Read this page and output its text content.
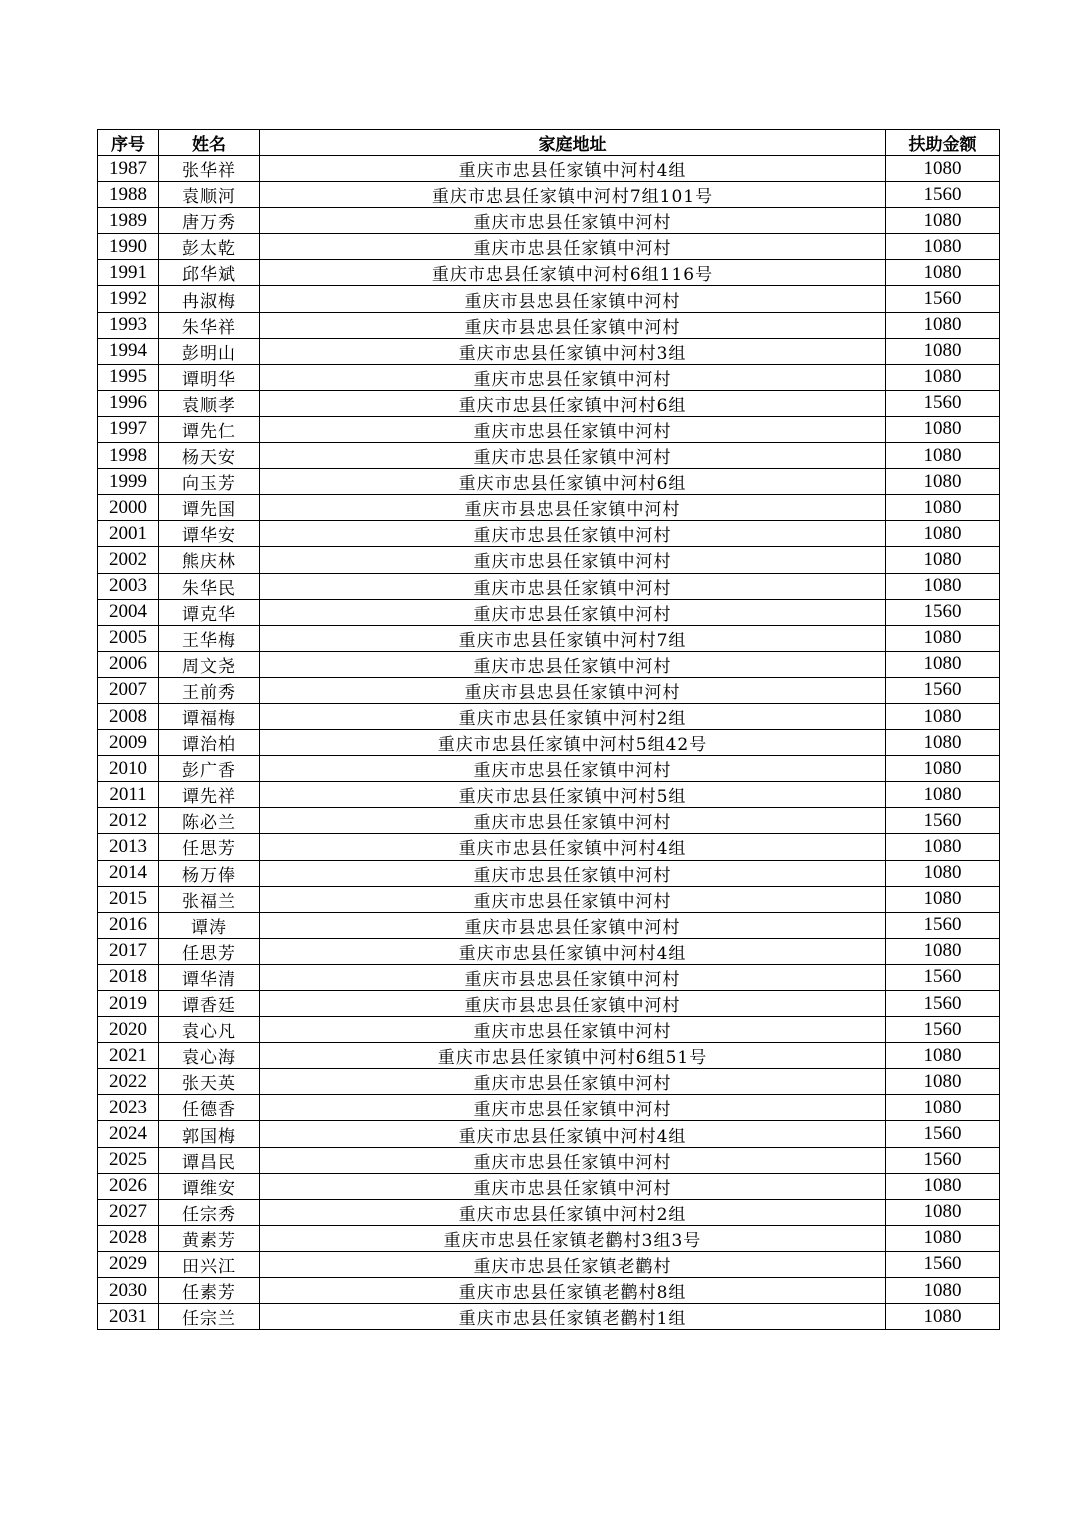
序号	姓名	家庭地址	扶助金额
1987	张华祥	重庆市忠县任家镇中河村4组	1080
1988	袁顺河	重庆市忠县任家镇中河村7组101号	1560
1989	唐万秀	重庆市忠县任家镇中河村	1080
1990	彭太乾	重庆市忠县任家镇中河村	1080
1991	邱华斌	重庆市忠县任家镇中河村6组116号	1080
1992	冉淑梅	重庆市县忠县任家镇中河村	1560
1993	朱华祥	重庆市县忠县任家镇中河村	1080
1994	彭明山	重庆市忠县任家镇中河村3组	1080
1995	谭明华	重庆市忠县任家镇中河村	1080
1996	袁顺孝	重庆市忠县任家镇中河村6组	1560
1997	谭先仁	重庆市忠县任家镇中河村	1080
1998	杨天安	重庆市忠县任家镇中河村	1080
1999	向玉芳	重庆市忠县任家镇中河村6组	1080
2000	谭先国	重庆市县忠县任家镇中河村	1080
2001	谭华安	重庆市忠县任家镇中河村	1080
2002	熊庆林	重庆市忠县任家镇中河村	1080
2003	朱华民	重庆市忠县任家镇中河村	1080
2004	谭克华	重庆市忠县任家镇中河村	1560
2005	王华梅	重庆市忠县任家镇中河村7组	1080
2006	周文尧	重庆市忠县任家镇中河村	1080
2007	王前秀	重庆市县忠县任家镇中河村	1560
2008	谭福梅	重庆市忠县任家镇中河村2组	1080
2009	谭治柏	重庆市忠县任家镇中河村5组42号	1080
2010	彭广香	重庆市忠县任家镇中河村	1080
2011	谭先祥	重庆市忠县任家镇中河村5组	1080
2012	陈必兰	重庆市忠县任家镇中河村	1560
2013	任思芳	重庆市忠县任家镇中河村4组	1080
2014	杨万俸	重庆市忠县任家镇中河村	1080
2015	张福兰	重庆市忠县任家镇中河村	1080
2016	谭涛	重庆市县忠县任家镇中河村	1560
2017	任思芳	重庆市忠县任家镇中河村4组	1080
2018	谭华清	重庆市县忠县任家镇中河村	1560
2019	谭香廷	重庆市县忠县任家镇中河村	1560
2020	袁心凡	重庆市忠县任家镇中河村	1560
2021	袁心海	重庆市忠县任家镇中河村6组51号	1080
2022	张天英	重庆市忠县任家镇中河村	1080
2023	任德香	重庆市忠县任家镇中河村	1080
2024	郭国梅	重庆市忠县任家镇中河村4组	1560
2025	谭昌民	重庆市忠县任家镇中河村	1560
2026	谭维安	重庆市忠县任家镇中河村	1080
2027	任宗秀	重庆市忠县任家镇中河村2组	1080
2028	黄素芳	重庆市忠县任家镇老鹳村3组3号	1080
2029	田兴江	重庆市忠县任家镇老鹳村	1560
2030	任素芳	重庆市忠县任家镇老鹳村8组	1080
2031	任宗兰	重庆市忠县任家镇老鹳村1组	1080
